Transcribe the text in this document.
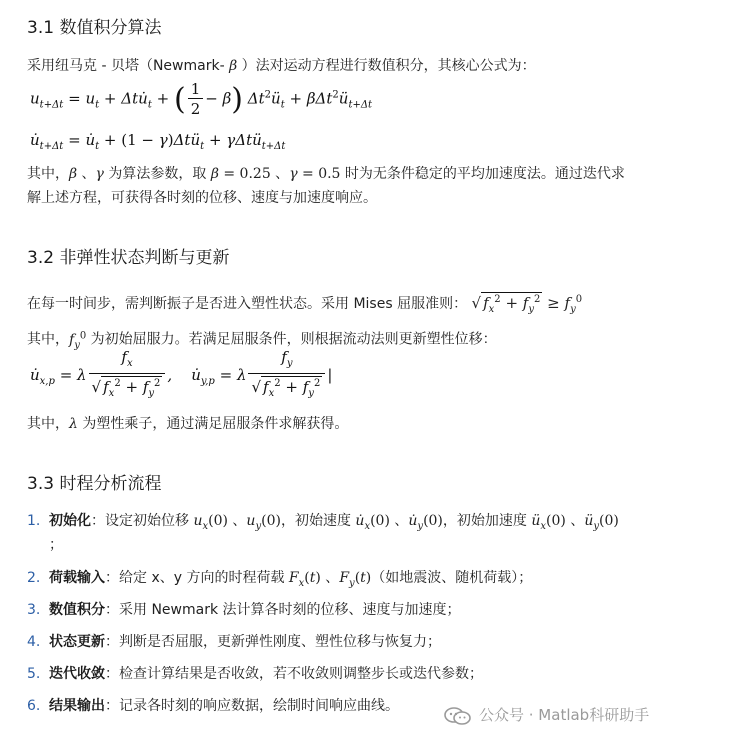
3.1 数值积分算法
采用纽马克 - 贝塔（Newmark- β ）法对运动方程进行数值积分，其核心公式为：
$u_{t+\Delta t} = u_t$ + $\Delta tu̇_t$ + ( $\frac{1}{2} - \beta$) $\Delta t^2ü_t$ + $\beta\Delta t^2ü_{t+\Delta t}$
$u̇_{t+\Delta t}$ = $u̇_t + (1$ − γ)Δtü$_t$ + γΔtü$_{t+\Delta t}$
其中，β 、γ 为算法参数，取 β = 0.25 、γ = 0.5 时为无条件稳定的平均加速度法。通过迭代求
解上述方程，可获得各时刻的位移、速度与加速度响应。
3.2 非弹性状态判断与更新
在每一时间步，需判断振子是否进入塑性状态。采用 Mises 屈服准则： √ $f_x^2 + f_y^2 \ge f_y^0$
其中，$f_y^0$ 为初始屈服力。若满足屈服条件，则根据流动法则更新塑性位移：
$u̇_{x,p} = \lambda \frac{f_x}{√ f_x^2 + f_y^2}$ ,    $u̇_{y,p} = \lambda \frac{f_y}{√ f_x^2 + f_y^2}$ |
其中，λ 为塑性乘子，通过满足屈服条件求解获得。
3.3 时程分析流程
1. 初始化：设定初始位移 $u_x(0)$ 、$u_y(0)$，初始速度 $u̇_x(0)$ 、$u̇_y(0)$，初始加速度 $ü_x(0)$ 、$ü_y(0)$
；
2. 荷载输入：给定 x、y 方向的时程荷载 $F_x(t)$ 、$F_y(t)$（如地震波、随机荷载）；
3. 数值积分：采用 Newmark 法计算各时刻的位移、速度与加速度；
4. 状态更新：判断是否屈服，更新弹性刚度、塑性位移与恢复力；
5. 迭代收敛：检查计算结果是否收敛，若不收敛则调整步长或迭代参数；
6. 结果输出：记录各时刻的响应数据，绘制时间响应曲线。	公众号 · Matlab科研助手
